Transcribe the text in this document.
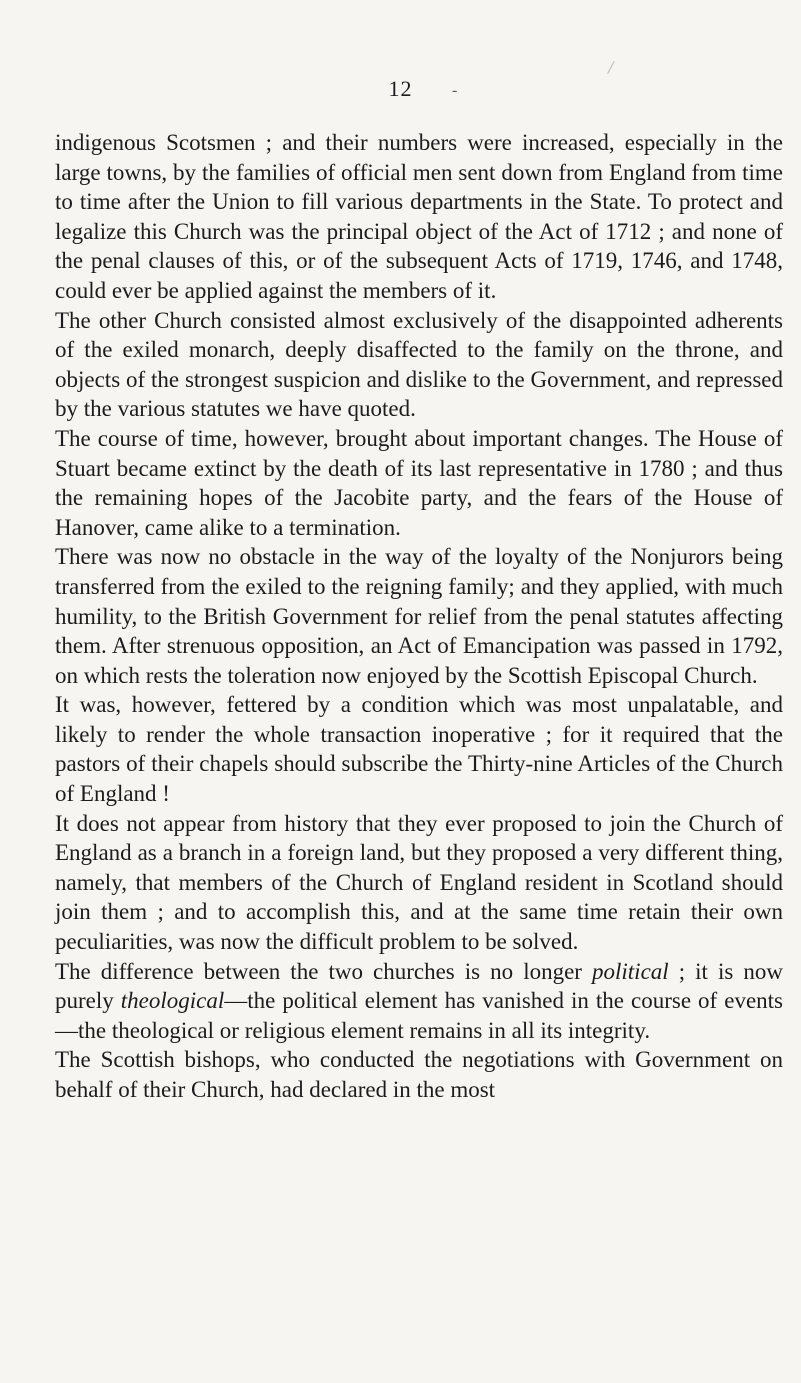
12	-

indigenous Scotsmen ; and their numbers were increased, especially in the large towns, by the families of official men sent down from England from time to time after the Union to fill various departments in the State. To protect and legalize this Church was the principal object of the Act of 1712 ; and none of the penal clauses of this, or of the subsequent Acts of 1719, 1746, and 1748, could ever be applied against the members of it.

The other Church consisted almost exclusively of the disappointed adherents of the exiled monarch, deeply disaffected to the family on the throne, and objects of the strongest suspicion and dislike to the Government, and repressed by the various statutes we have quoted.

The course of time, however, brought about important changes. The House of Stuart became extinct by the death of its last representative in 1780 ; and thus the remaining hopes of the Jacobite party, and the fears of the House of Hanover, came alike to a termination.

There was now no obstacle in the way of the loyalty of the Nonjurors being transferred from the exiled to the reigning family; and they applied, with much humility, to the British Government for relief from the penal statutes affecting them. After strenuous opposition, an Act of Emancipation was passed in 1792, on which rests the toleration now enjoyed by the Scottish Episcopal Church.

It was, however, fettered by a condition which was most unpalatable, and likely to render the whole transaction inoperative ; for it required that the pastors of their chapels should subscribe the Thirty-nine Articles of the Church of England !

It does not appear from history that they ever proposed to join the Church of England as a branch in a foreign land, but they proposed a very different thing, namely, that members of the Church of England resident in Scotland should join them ; and to accomplish this, and at the same time retain their own peculiarities, was now the difficult problem to be solved.

The difference between the two churches is no longer political ; it is now purely theological—the political element has vanished in the course of events—the theological or religious element remains in all its integrity.

The Scottish bishops, who conducted the negotiations with Government on behalf of their Church, had declared in the most
